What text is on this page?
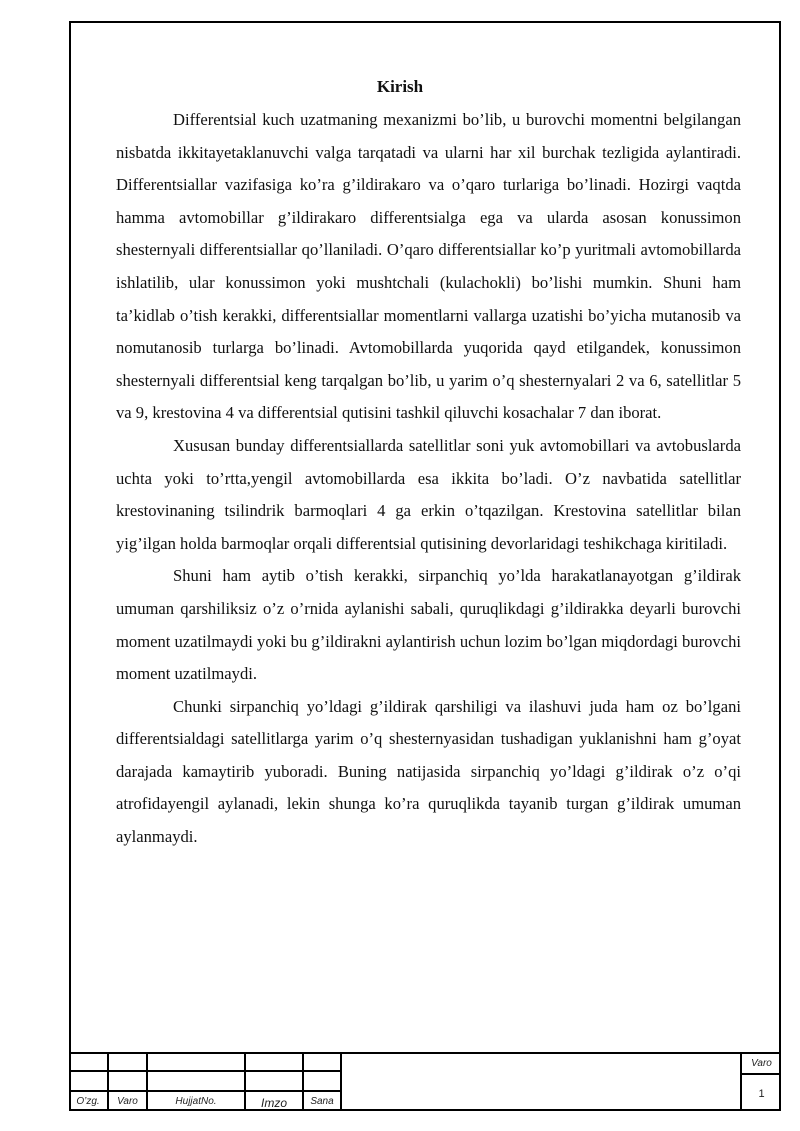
Kirish

Differentsial kuch uzatmaning mexanizmi bo’lib, u burovchi momentni belgilangan nisbatda ikkitayetaklanuvchi valga tarqatadi va ularni har xil burchak tezligida aylantiradi. Differentsiallar vazifasiga ko’ra g’ildirakaro va o’qaro turlariga bo’linadi. Hozirgi vaqtda hamma avtomobillar g’ildirakaro differentsialga ega va ularda asosan konussimon shesternyali differentsiallar qo’llaniladi. O’qaro differentsiallar ko’p yuritmali avtomobillarda ishlatilib, ular konussimon yoki mushtchali (kulachokli) bo’lishi mumkin. Shuni ham ta’kidlab o’tish kerakki, differentsiallar momentlarni vallarga uzatishi bo’yicha mutanosib va nomutanosib turlarga bo’linadi. Avtomobillarda yuqorida qayd etilgandek, konussimon shesternyali differentsial keng tarqalgan bo’lib, u yarim o’q shesternyalari 2 va 6, satellitlar 5 va 9, krestovina 4 va differentsial qutisini tashkil qiluvchi kosachalar 7 dan iborat.

Xususan bunday differentsiallarda satellitlar soni yuk avtomobillari va avtobuslarda uchta yoki to’rtta,yengil avtomobillarda esa ikkita bo’ladi. O’z navbatida satellitlar krestovinaning tsilindrik barmoqlari 4 ga erkin o’tqazilgan. Krestovina satellitlar bilan yig’ilgan holda barmoqlar orqali differentsial qutisining devorlaridagi teshikchaga kiritiladi.

Shuni ham aytib o’tish kerakki, sirpanchiq yo’lda harakatlanayotgan g’ildirak umuman qarshiliksiz o’z o’rnida aylanishi sabali, quruqlikdagi g’ildirakka deyarli burovchi moment uzatilmaydi yoki bu g’ildirakni aylantirish uchun lozim bo’lgan miqdordagi burovchi moment uzatilmaydi.

Chunki sirpanchiq yo’ldagi g’ildirak qarshiligi va ilashuvi juda ham oz bo’lgani differentsialdagi satellitlarga yarim o’q shesternyasidan tushadigan yuklanishni ham g’oyat darajada kamaytirib yuboradi. Buning natijasida sirpanchiq yo’ldagi g’ildirak o’z o’qi atrofidayengil aylanadi, lekin shunga ko’ra quruqlikda tayanib turgan g’ildirak umuman aylanmaydi.

O’zg.	Varo	HujjatNo.	Imzo	Sana
Varo
1
